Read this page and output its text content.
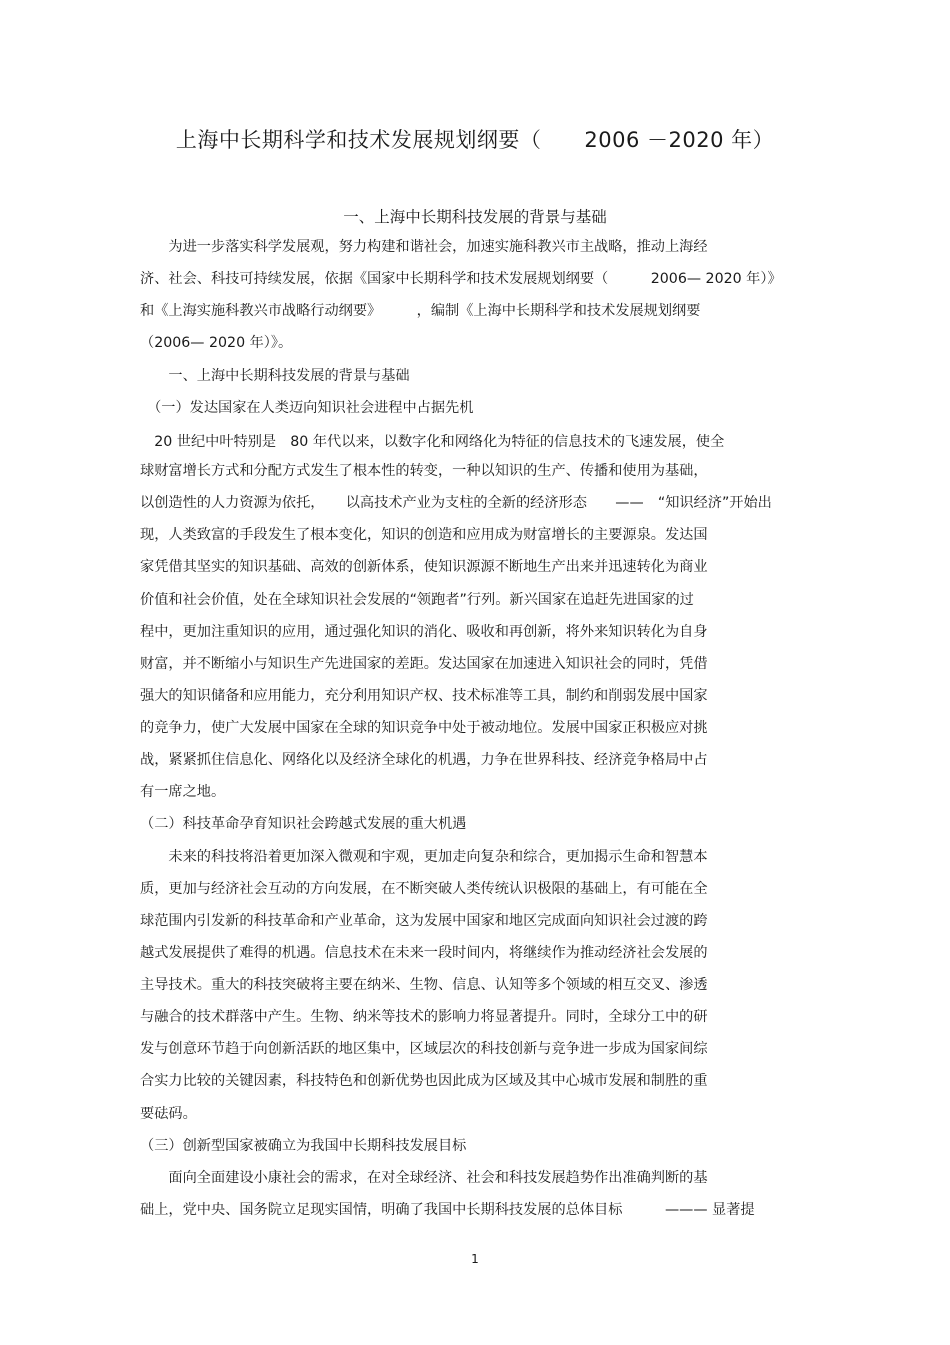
上海中长期科学和技术发展规划纲要（　　2006 －2020 年）
一、上海中长期科技发展的背景与基础
　　为进一步落实科学发展观，努力构建和谐社会，加速实施科教兴市主战略，推动上海经
济、社会、科技可持续发展，依据《国家中长期科学和技术发展规划纲要（　　　2006— 2020 年）》
和《上海实施科教兴市战略行动纲要》　　　，编制《上海中长期科学和技术发展规划纲要
（2006— 2020 年）》。
　　一、上海中长期科技发展的背景与基础
　（一）发达国家在人类迈向知识社会进程中占据先机
　20 世纪中叶特别是　80 年代以来，以数字化和网络化为特征的信息技术的飞速发展，使全
球财富增长方式和分配方式发生了根本性的转变，一种以知识的生产、传播和使用为基础，
以创造性的人力资源为依托，　　以高技术产业为支柱的全新的经济形态　　——　“知识经济”开始出
现，人类致富的手段发生了根本变化，知识的创造和应用成为财富增长的主要源泉。发达国
家凭借其坚实的知识基础、高效的创新体系，使知识源源不断地生产出来并迅速转化为商业
价值和社会价值，处在全球知识社会发展的“领跑者”行列。新兴国家在追赶先进国家的过
程中，更加注重知识的应用，通过强化知识的消化、吸收和再创新，将外来知识转化为自身
财富，并不断缩小与知识生产先进国家的差距。发达国家在加速进入知识社会的同时，凭借
强大的知识储备和应用能力，充分利用知识产权、技术标准等工具，制约和削弱发展中国家
的竞争力，使广大发展中国家在全球的知识竞争中处于被动地位。发展中国家正积极应对挑
战，紧紧抓住信息化、网络化以及经济全球化的机遇，力争在世界科技、经济竞争格局中占
有一席之地。
（二）科技革命孕育知识社会跨越式发展的重大机遇
　　未来的科技将沿着更加深入微观和宇观，更加走向复杂和综合，更加揭示生命和智慧本
质，更加与经济社会互动的方向发展，在不断突破人类传统认识极限的基础上，有可能在全
球范围内引发新的科技革命和产业革命，这为发展中国家和地区完成面向知识社会过渡的跨
越式发展提供了难得的机遇。信息技术在未来一段时间内，将继续作为推动经济社会发展的
主导技术。重大的科技突破将主要在纳米、生物、信息、认知等多个领域的相互交叉、渗透
与融合的技术群落中产生。生物、纳米等技术的影响力将显著提升。同时，全球分工中的研
发与创意环节趋于向创新活跃的地区集中，区域层次的科技创新与竞争进一步成为国家间综
合实力比较的关键因素，科技特色和创新优势也因此成为区域及其中心城市发展和制胜的重
要砝码。
（三）创新型国家被确立为我国中长期科技发展目标
　　面向全面建设小康社会的需求，在对全球经济、社会和科技发展趋势作出准确判断的基
础上，党中央、国务院立足现实国情，明确了我国中长期科技发展的总体目标　　　——— 显著提
1
